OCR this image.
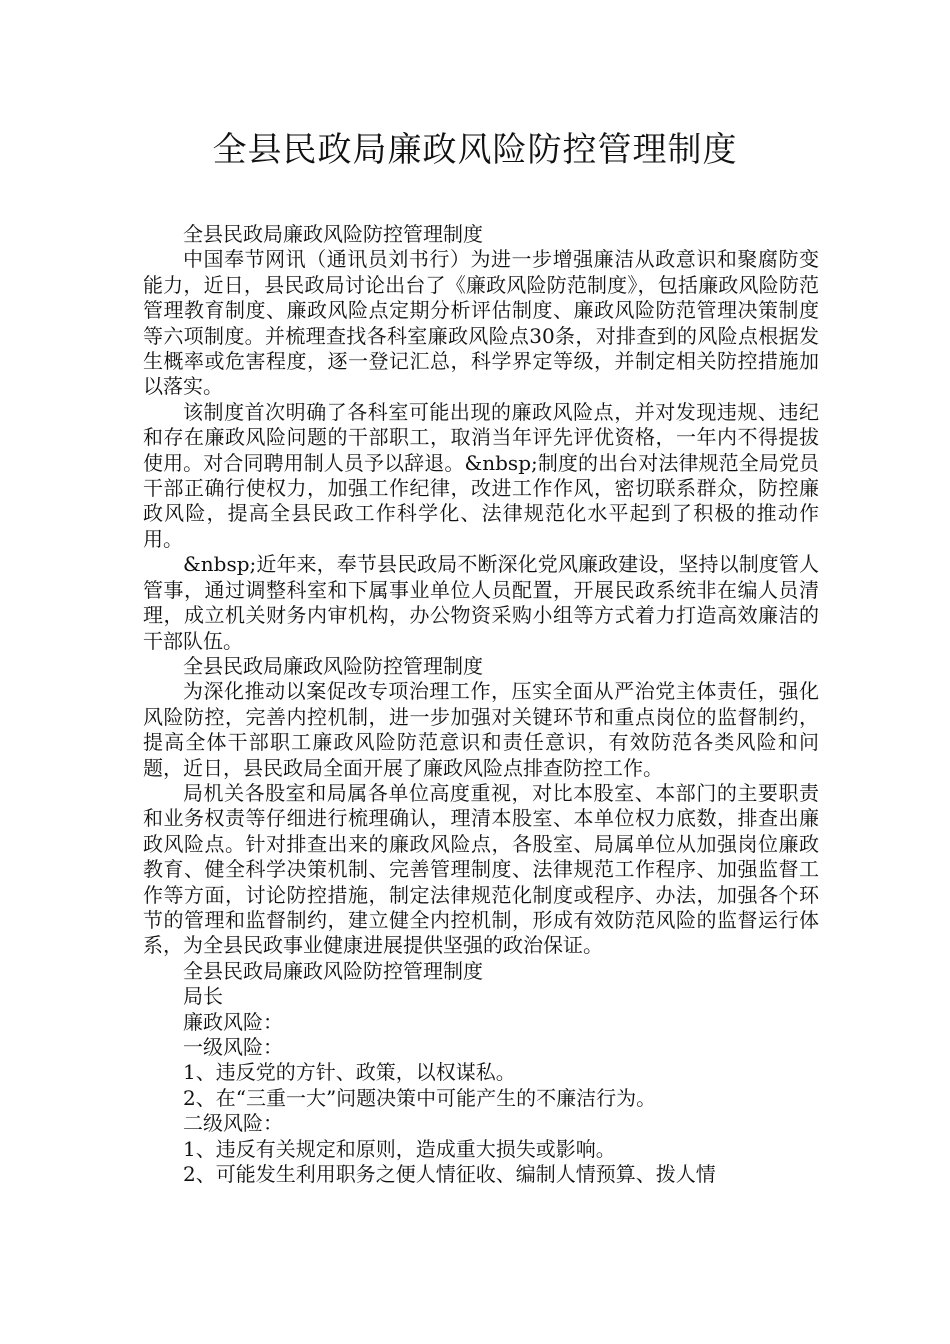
全县民政局廉政风险防控管理制度

全县民政局廉政风险防控管理制度

中国奉节网讯（通讯员刘书行）为进一步增强廉洁从政意识和聚腐防变能力，近日，县民政局讨论出台了《廉政风险防范制度》，包括廉政风险防范管理教育制度、廉政风险点定期分析评估制度、廉政风险防范管理决策制度等六项制度。并梳理查找各科室廉政风险点30条，对排查到的风险点根据发生概率或危害程度，逐一登记汇总，科学界定等级，并制定相关防控措施加以落实。

该制度首次明确了各科室可能出现的廉政风险点，并对发现违规、违纪和存在廉政风险问题的干部职工，取消当年评先评优资格，一年内不得提拔使用。对合同聘用制人员予以辞退。&nbsp;制度的出台对法律规范全局党员干部正确行使权力，加强工作纪律，改进工作作风，密切联系群众，防控廉政风险，提高全县民政工作科学化、法律规范化水平起到了积极的推动作用。

&nbsp;近年来，奉节县民政局不断深化党风廉政建设，坚持以制度管人管事，通过调整科室和下属事业单位人员配置，开展民政系统非在编人员清理，成立机关财务内审机构，办公物资采购小组等方式着力打造高效廉洁的干部队伍。

全县民政局廉政风险防控管理制度

为深化推动以案促改专项治理工作，压实全面从严治党主体责任，强化风险防控，完善内控机制，进一步加强对关键环节和重点岗位的监督制约，提高全体干部职工廉政风险防范意识和责任意识，有效防范各类风险和问题，近日，县民政局全面开展了廉政风险点排查防控工作。

局机关各股室和局属各单位高度重视，对比本股室、本部门的主要职责和业务权责等仔细进行梳理确认，理清本股室、本单位权力底数，排查出廉政风险点。针对排查出来的廉政风险点，各股室、局属单位从加强岗位廉政教育、健全科学决策机制、完善管理制度、法律规范工作程序、加强监督工作等方面，讨论防控措施，制定法律规范化制度或程序、办法，加强各个环节的管理和监督制约，建立健全内控机制，形成有效防范风险的监督运行体系，为全县民政事业健康进展提供坚强的政治保证。

全县民政局廉政风险防控管理制度

局长

廉政风险：

一级风险：

1、违反党的方针、政策，以权谋私。

2、在“三重一大”问题决策中可能产生的不廉洁行为。

二级风险：

1、违反有关规定和原则，造成重大损失或影响。

2、可能发生利用职务之便人情征收、编制人情预算、拨人情
